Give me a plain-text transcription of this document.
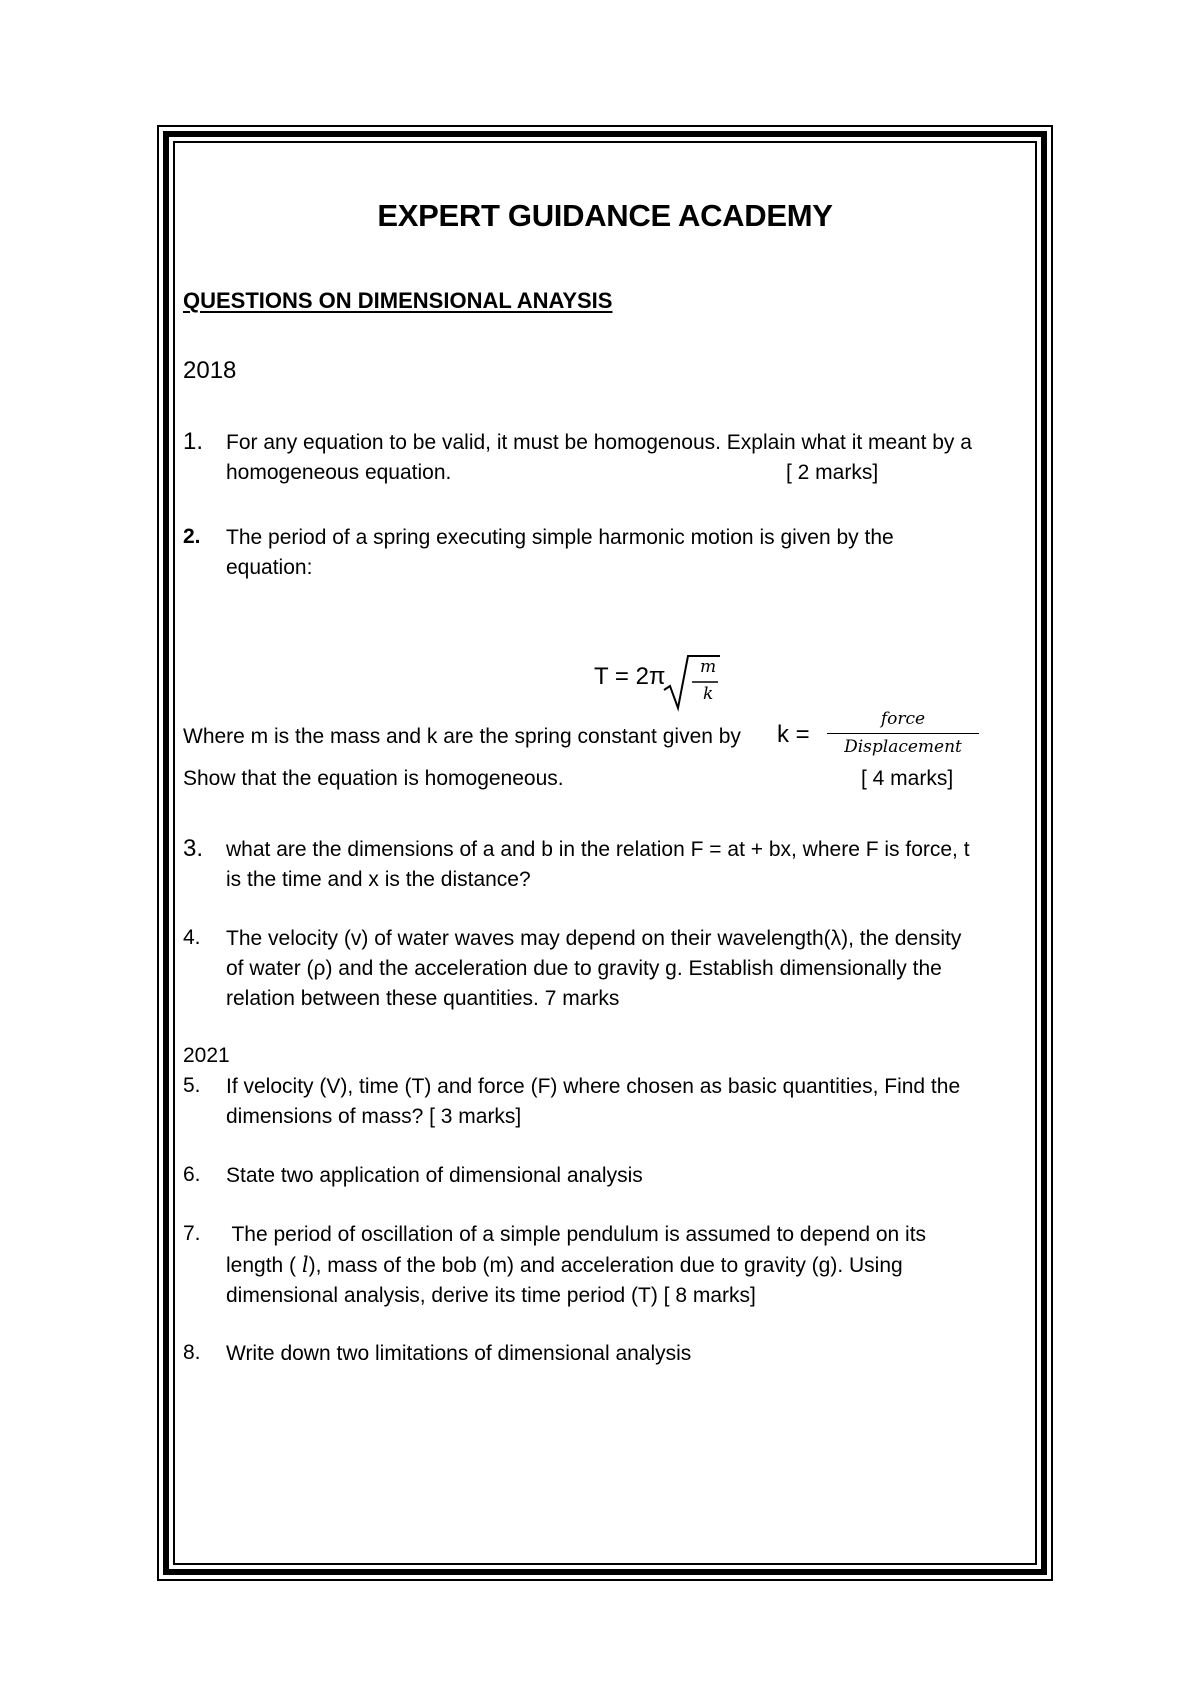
EXPERT GUIDANCE ACADEMY
QUESTIONS ON DIMENSIONAL ANAYSIS
2018
1. For any equation to be valid, it must be homogenous. Explain what it meant by a

homogeneous equation.	[ 2 marks]

2. The period of a spring executing simple harmonic motion is given by the

equation:

T = 2π m
k
Where m is the mass and k are the spring constant given by k =
force
Displacement
Show that the equation is homogeneous.	[ 4 marks]
3. what are the dimensions of a and b in the relation F = at + bx, where F is force, t

is the time and x is the distance?

4. The velocity (v) of water waves may depend on their wavelength(λ), the density

of water (ρ) and the acceleration due to gravity g. Establish dimensionally the

relation between these quantities. 7 marks

2021
5. If velocity (V), time (T) and force (F) where chosen as basic quantities, Find the

dimensions of mass? [ 3 marks]

6. State two application of dimensional analysis

7. The period of oscillation of a simple pendulum is assumed to depend on its

length ( l), mass of the bob (m) and acceleration due to gravity (g). Using

dimensional analysis, derive its time period (T) [ 8 marks]

8. Write down two limitations of dimensional analysis
